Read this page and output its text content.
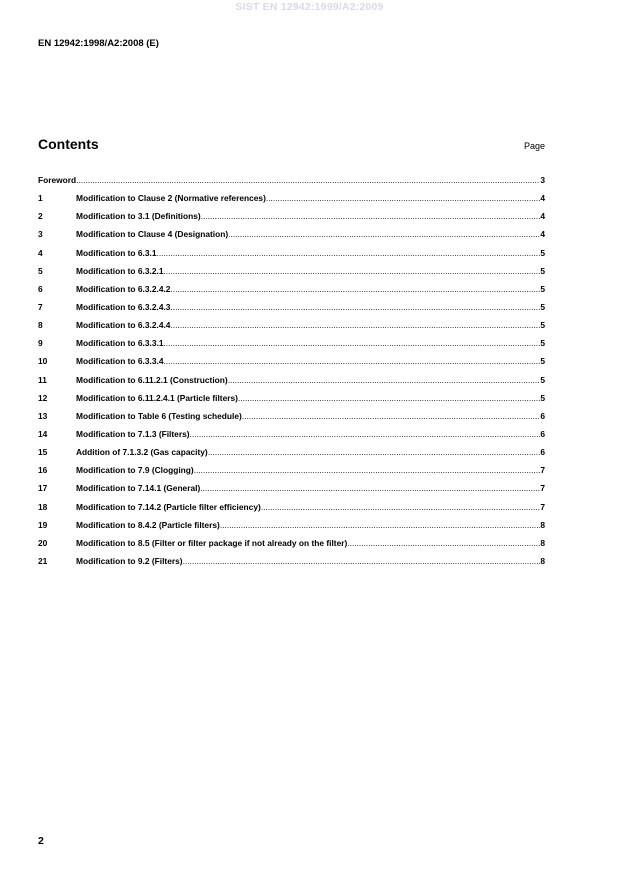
SIST EN 12942:1999/A2:2009
EN 12942:1998/A2:2008 (E)
Contents	Page
Foreword .....	3
1	Modification to Clause 2 (Normative references) .....	4
2	Modification to 3.1 (Definitions) .....	4
3	Modification to Clause 4 (Designation) .....	4
4	Modification to 6.3.1 .....	5
5	Modification to 6.3.2.1 .....	5
6	Modification to 6.3.2.4.2 .....	5
7	Modification to 6.3.2.4.3 .....	5
8	Modification to 6.3.2.4.4 .....	5
9	Modification to 6.3.3.1 .....	5
10	Modification to 6.3.3.4 .....	5
11	Modification to 6.11.2.1 (Construction) .....	5
12	Modification to 6.11.2.4.1 (Particle filters) .....	5
13	Modification to Table 6 (Testing schedule) .....	6
14	Modification to 7.1.3 (Filters) .....	6
15	Addition of 7.1.3.2 (Gas capacity) .....	6
16	Modification to 7.9 (Clogging) .....	7
17	Modification to 7.14.1 (General) .....	7
18	Modification to 7.14.2 (Particle filter efficiency) .....	7
19	Modification to 8.4.2 (Particle filters) .....	8
20	Modification to 8.5 (Filter or filter package if not already on the filter) .....	8
21	Modification to 9.2 (Filters) .....	8
2
